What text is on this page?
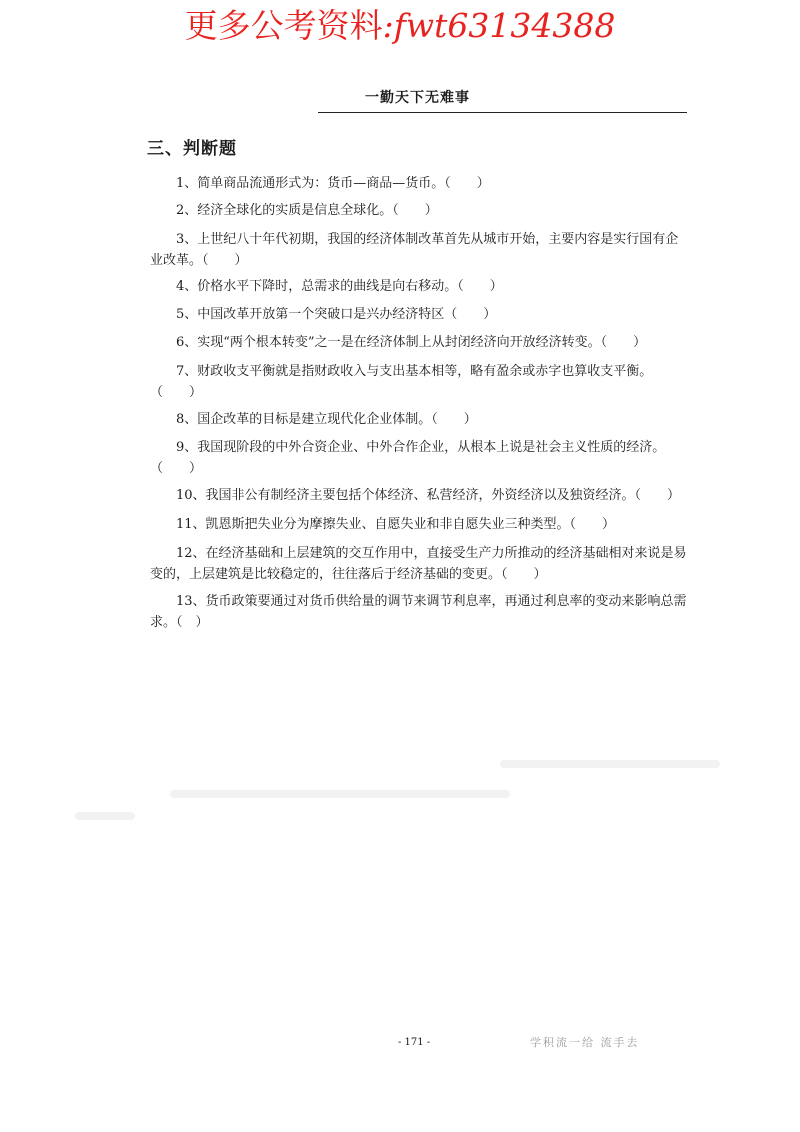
更多公考资料:fwt63134388
一勤天下无难事
三、判断题

1、简单商品流通形式为：货币—商品—货币。（　　）

2、经济全球化的实质是信息全球化。（　　）

3、上世纪八十年代初期，我国的经济体制改革首先从城市开始，主要内容是实行国有企业改革。（　　）

4、价格水平下降时，总需求的曲线是向右移动。（　　）

5、中国改革开放第一个突破口是兴办经济特区（　　）

6、实现“两个根本转变”之一是在经济体制上从封闭经济向开放经济转变。（　　）

7、财政收支平衡就是指财政收入与支出基本相等，略有盈余或赤字也算收支平衡。（　　）

8、国企改革的目标是建立现代化企业体制。（　　）

9、我国现阶段的中外合资企业、中外合作企业，从根本上说是社会主义性质的经济。（　　）

10、我国非公有制经济主要包括个体经济、私营经济，外资经济以及独资经济。（　　）

11、凯恩斯把失业分为摩擦失业、自愿失业和非自愿失业三种类型。（　　）

12、在经济基础和上层建筑的交互作用中，直接受生产力所推动的经济基础相对来说是易变的，上层建筑是比较稳定的，往往落后于经济基础的变更。（　　）

13、货币政策要通过对货币供给量的调节来调节利息率，再通过利息率的变动来影响总需求。（　）

- 171 -	学积流一给 流手去
